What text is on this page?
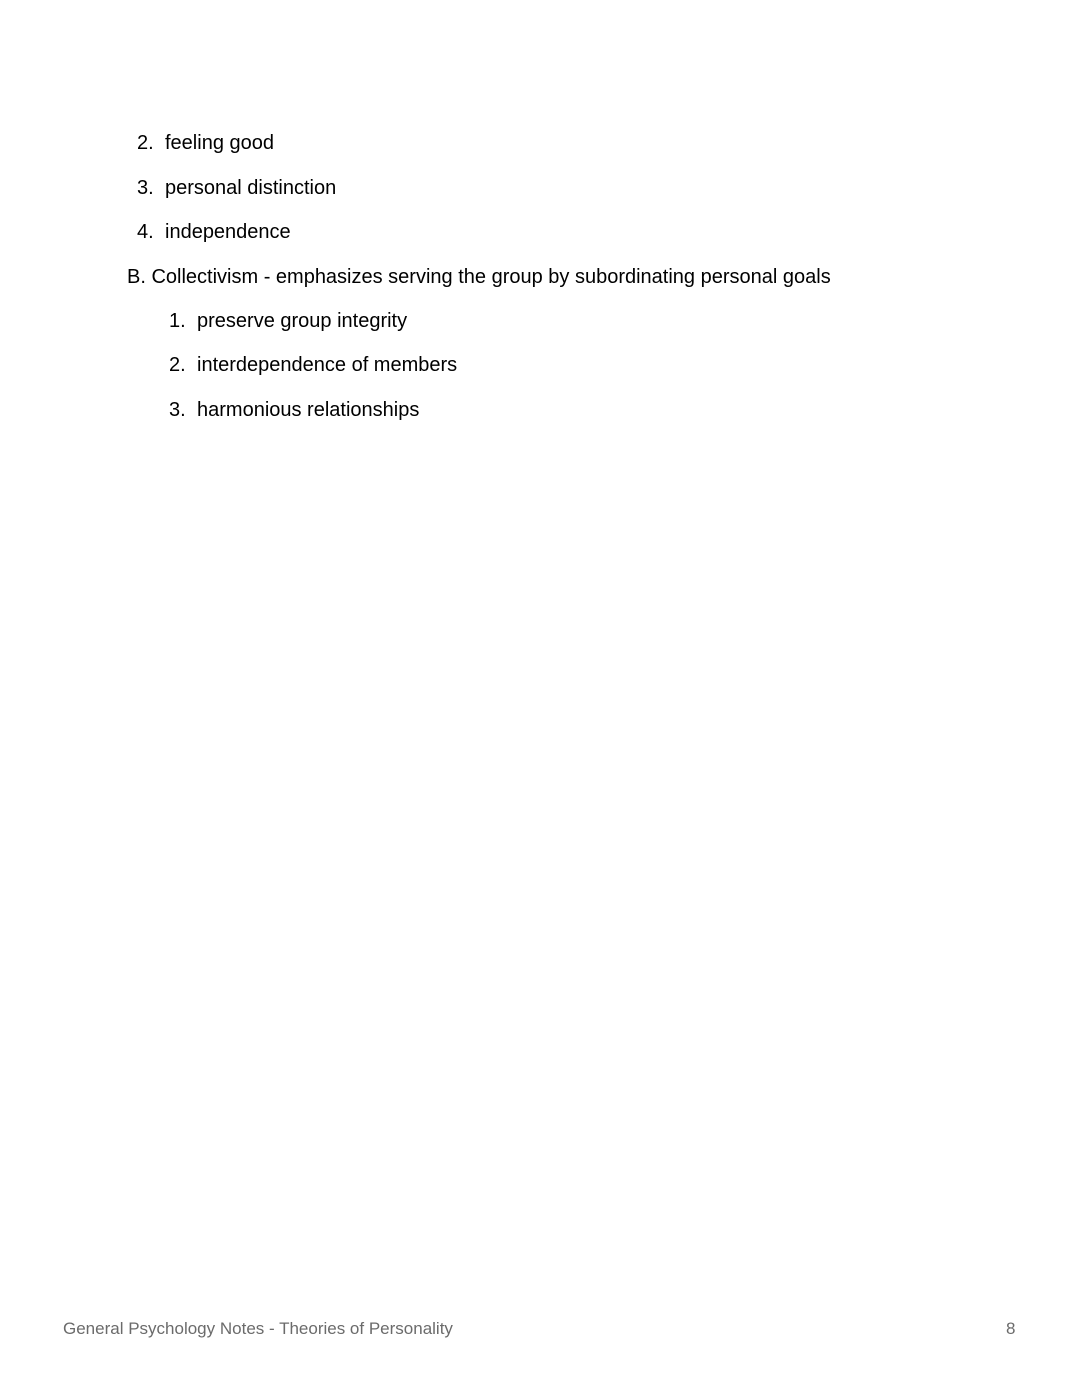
2. feeling good
3. personal distinction
4. independence
B. Collectivism - emphasizes serving the group by subordinating personal goals
1. preserve group integrity
2. interdependence of members
3. harmonious relationships
General Psychology Notes - Theories of Personality	8
